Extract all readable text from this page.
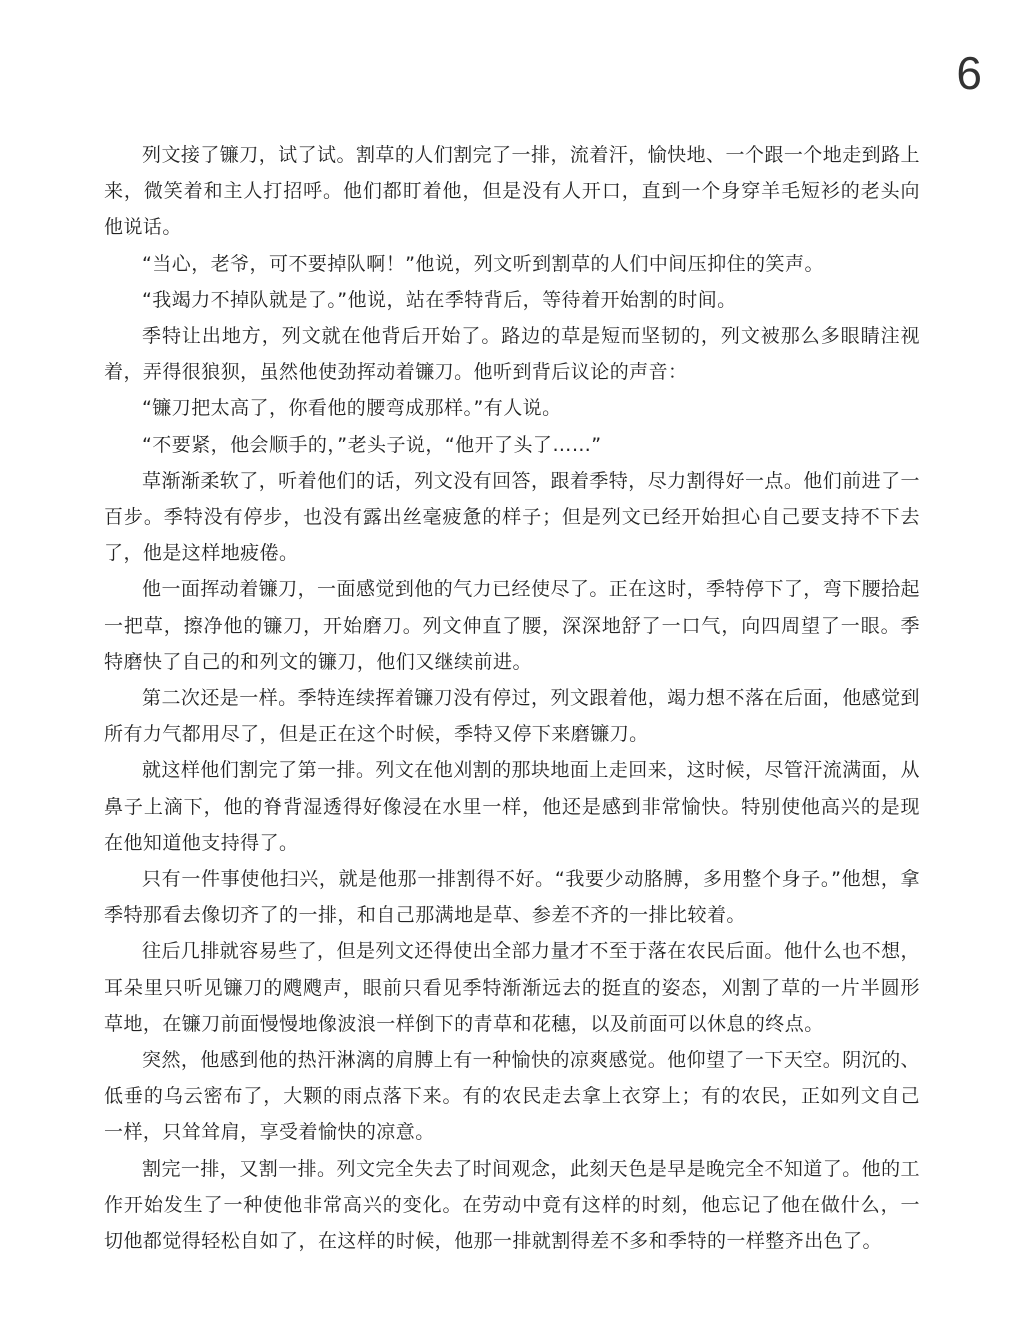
6

列文接了镰刀，试了试。割草的人们割完了一排，流着汗，愉快地、一个跟一个地走到路上来，微笑着和主人打招呼。他们都盯着他，但是没有人开口，直到一个身穿羊毛短衫的老头向他说话。

“当心，老爷，可不要掉队啊！”他说，列文听到割草的人们中间压抑住的笑声。

“我竭力不掉队就是了。”他说，站在季特背后，等待着开始割的时间。

季特让出地方，列文就在他背后开始了。路边的草是短而坚韧的，列文被那么多眼睛注视着，弄得很狼狈，虽然他使劲挥动着镰刀。他听到背后议论的声音：

“镰刀把太高了，你看他的腰弯成那样。”有人说。

“不要紧，他会顺手的，”老头子说，“他开了头了……”

草渐渐柔软了，听着他们的话，列文没有回答，跟着季特，尽力割得好一点。他们前进了一百步。季特没有停步，也没有露出丝毫疲惫的样子；但是列文已经开始担心自己要支持不下去了，他是这样地疲倦。

他一面挥动着镰刀，一面感觉到他的气力已经使尽了。正在这时，季特停下了，弯下腰拾起一把草，擦净他的镰刀，开始磨刀。列文伸直了腰，深深地舒了一口气，向四周望了一眼。季特磨快了自己的和列文的镰刀，他们又继续前进。

第二次还是一样。季特连续挥着镰刀没有停过，列文跟着他，竭力想不落在后面，他感觉到所有力气都用尽了，但是正在这个时候，季特又停下来磨镰刀。

就这样他们割完了第一排。列文在他刈割的那块地面上走回来，这时候，尽管汗流满面，从鼻子上滴下，他的脊背湿透得好像浸在水里一样，他还是感到非常愉快。特别使他高兴的是现在他知道他支持得了。

只有一件事使他扫兴，就是他那一排割得不好。“我要少动胳膊，多用整个身子。”他想，拿季特那看去像切齐了的一排，和自己那满地是草、参差不齐的一排比较着。

往后几排就容易些了，但是列文还得使出全部力量才不至于落在农民后面。他什么也不想，耳朵里只听见镰刀的飕飕声，眼前只看见季特渐渐远去的挺直的姿态，刈割了草的一片半圆形草地，在镰刀前面慢慢地像波浪一样倒下的青草和花穗，以及前面可以休息的终点。

突然，他感到他的热汗淋漓的肩膊上有一种愉快的凉爽感觉。他仰望了一下天空。阴沉的、低垂的乌云密布了，大颗的雨点落下来。有的农民走去拿上衣穿上；有的农民，正如列文自己一样，只耸耸肩，享受着愉快的凉意。

割完一排，又割一排。列文完全失去了时间观念，此刻天色是早是晚完全不知道了。他的工作开始发生了一种使他非常高兴的变化。在劳动中竟有这样的时刻，他忘记了他在做什么，一切他都觉得轻松自如了，在这样的时候，他那一排就割得差不多和季特的一样整齐出色了。
